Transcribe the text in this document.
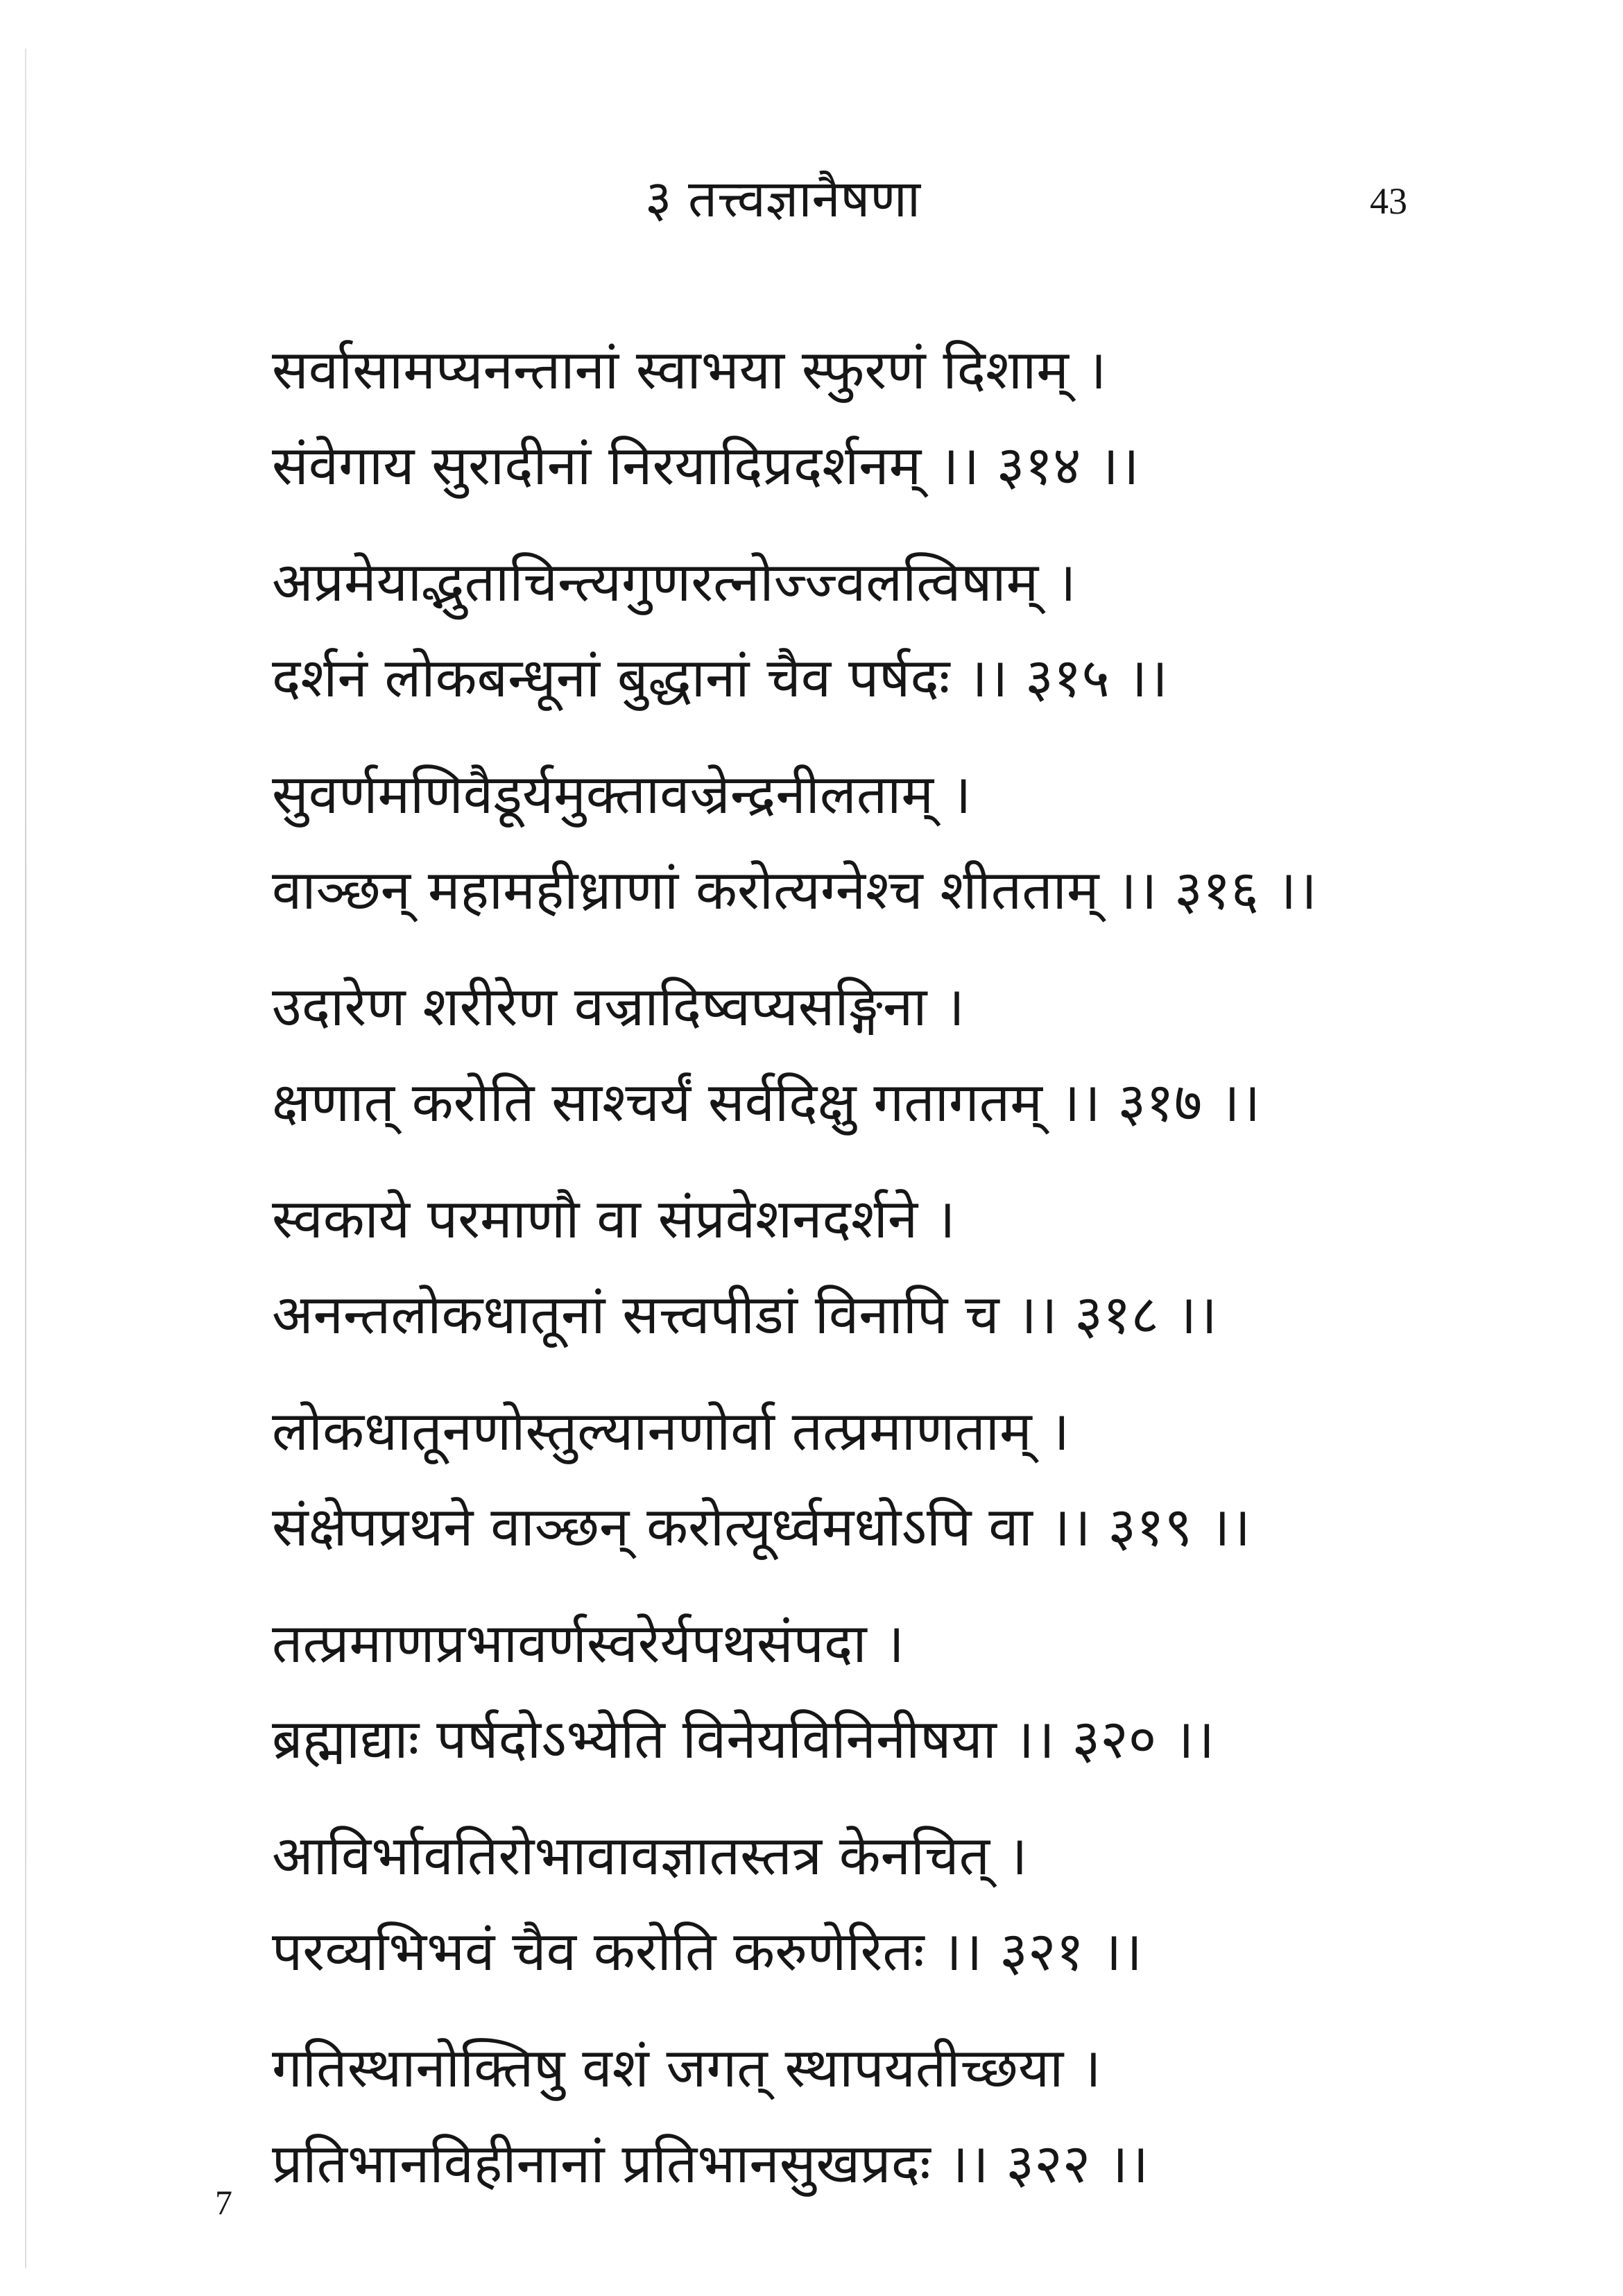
३ तत्त्वज्ञानैषणा	43
सर्वासामप्यनन्तानां स्वाभया स्फुरणं दिशाम् ।
संवेगाय सुरादीनां निरयादिप्रदर्शनम् ।। ३१४ ।।
अप्रमेयाद्भुताचिन्त्यगुणरत्नोज्ज्वलत्विषाम् ।
दर्शनं लोकबन्धूनां बुद्धानां चैव पर्षदः ।। ३१५ ।।
सुवर्णमणिवैडूर्यमुक्तावज्रेन्द्रनीलताम् ।
वाञ्छन् महामहीध्राणां करोत्यग्नेश्च शीतताम् ।। ३१६ ।।
उदारेण शरीरेण वज्रादिष्वप्यसङ्गिना ।
क्षणात् करोति साश्चर्यं सर्वदिक्षु गतागतम् ।। ३१७ ।।
स्वकाये परमाणौ वा संप्रवेशनदर्शने ।
अनन्तलोकधातूनां सत्त्वपीडां विनापि च ।। ३१८ ।।
लोकधातूनणोस्तुल्यानणोर्वा तत्प्रमाणताम् ।
संक्षेपप्रथने वाञ्छन् करोत्यूर्ध्वमधोऽपि वा ।। ३१९ ।।
तत्प्रमाणप्रभावर्णस्वरेर्यपथसंपदा ।
ब्रह्माद्याः पर्षदोऽभ्येति विनेयविनिनीषया ।। ३२० ।।
आविर्भावतिरोभावावज्ञातस्तत्र केनचित् ।
परव्यभिभवं चैव करोति करुणेरितः ।। ३२१ ।।
गतिस्थानोक्तिषु वशं जगत् स्थापयतीच्छया ।
प्रतिभानविहीनानां प्रतिभानसुखप्रदः ।। ३२२ ।।
7
